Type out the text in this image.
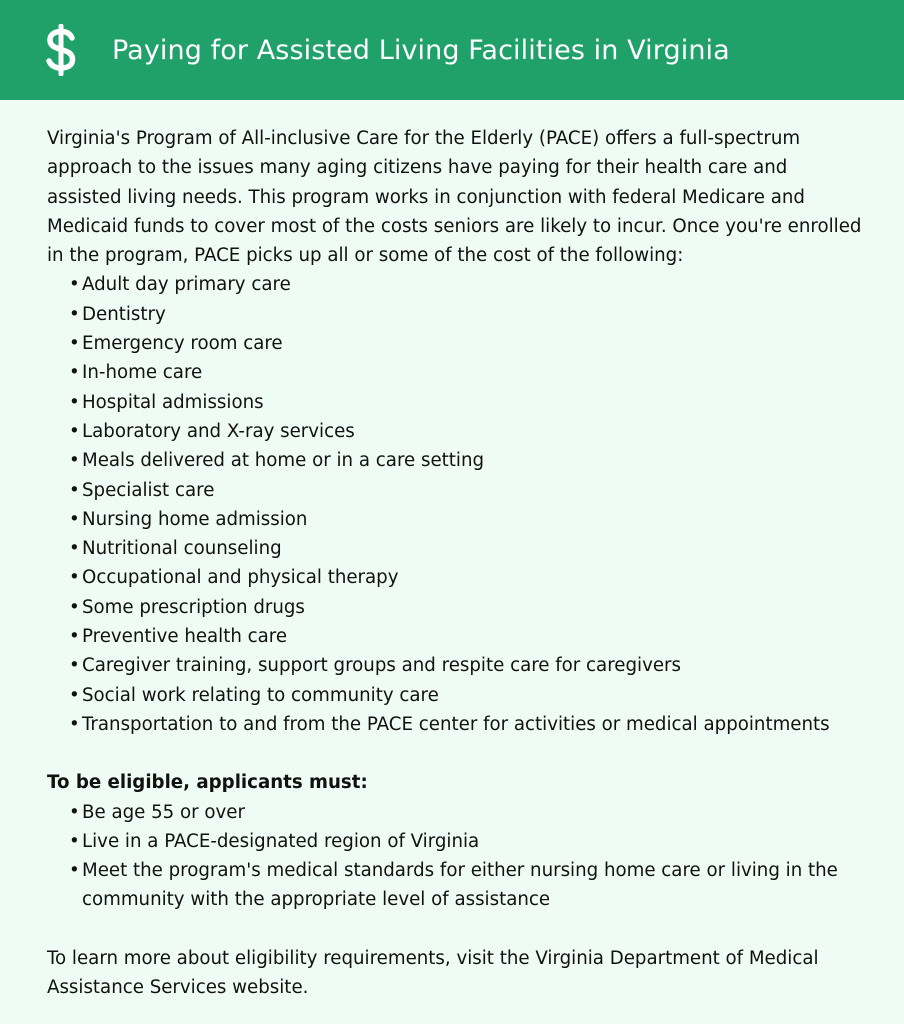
Paying for Assisted Living Facilities in Virginia

Virginia's Program of All-inclusive Care for the Elderly (PACE) offers a full-spectrum approach to the issues many aging citizens have paying for their health care and assisted living needs. This program works in conjunction with federal Medicare and Medicaid funds to cover most of the costs seniors are likely to incur. Once you're enrolled in the program, PACE picks up all or some of the cost of the following:

• Adult day primary care
• Dentistry
• Emergency room care
• In-home care
• Hospital admissions
• Laboratory and X-ray services
• Meals delivered at home or in a care setting
• Specialist care
• Nursing home admission
• Nutritional counseling
• Occupational and physical therapy
• Some prescription drugs
• Preventive health care
• Caregiver training, support groups and respite care for caregivers
• Social work relating to community care
• Transportation to and from the PACE center for activities or medical appointments

To be eligible, applicants must:

• Be age 55 or over
• Live in a PACE-designated region of Virginia
• Meet the program's medical standards for either nursing home care or living in the community with the appropriate level of assistance

To learn more about eligibility requirements, visit the Virginia Department of Medical Assistance Services website.
